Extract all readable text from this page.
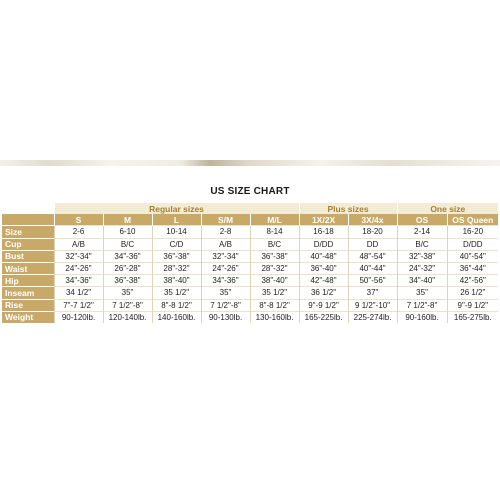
US SIZE CHART
	Regular sizes					Plus sizes		One size	
	S	M	L	S/M	M/L	1X/2X	3X/4x	OS	OS Queen
Size	2-6	6-10	10-14	2-8	8-14	16-18	18-20	2-14	16-20
Cup	A/B	B/C	C/D	A/B	B/C	D/DD	DD	B/C	D/DD
Bust	32"-34"	34"-36"	36"-38"	32"-34"	36"-38"	40"-48"	48"-54"	32"-38"	40"-54"
Waist	24"-26"	26"-28"	28"-32"	24"-26"	28"-32"	36"-40"	40"-44"	24"-32"	36"-44"
Hip	34"-36"	36"-38"	38"-40"	34"-36"	38"-40"	42"-48"	50"-56"	34"-40"	42"-56"
Inseam	34 1/2"	35"	35 1/2"	35"	35 1/2"	36 1/2"	37"	35"	26 1/2"
Rise	7"-7 1/2"	7 1/2"-8"	8"-8 1/2"	7 1/2"-8"	8"-8 1/2"	9"-9 1/2"	9 1/2"-10"	7 1/2"-8"	9"-9 1/2"
Weight	90-120lb.	120-140lb.	140-160lb.	90-130lb.	130-160lb.	165-225lb.	225-274lb.	90-160lb.	165-275lb.
